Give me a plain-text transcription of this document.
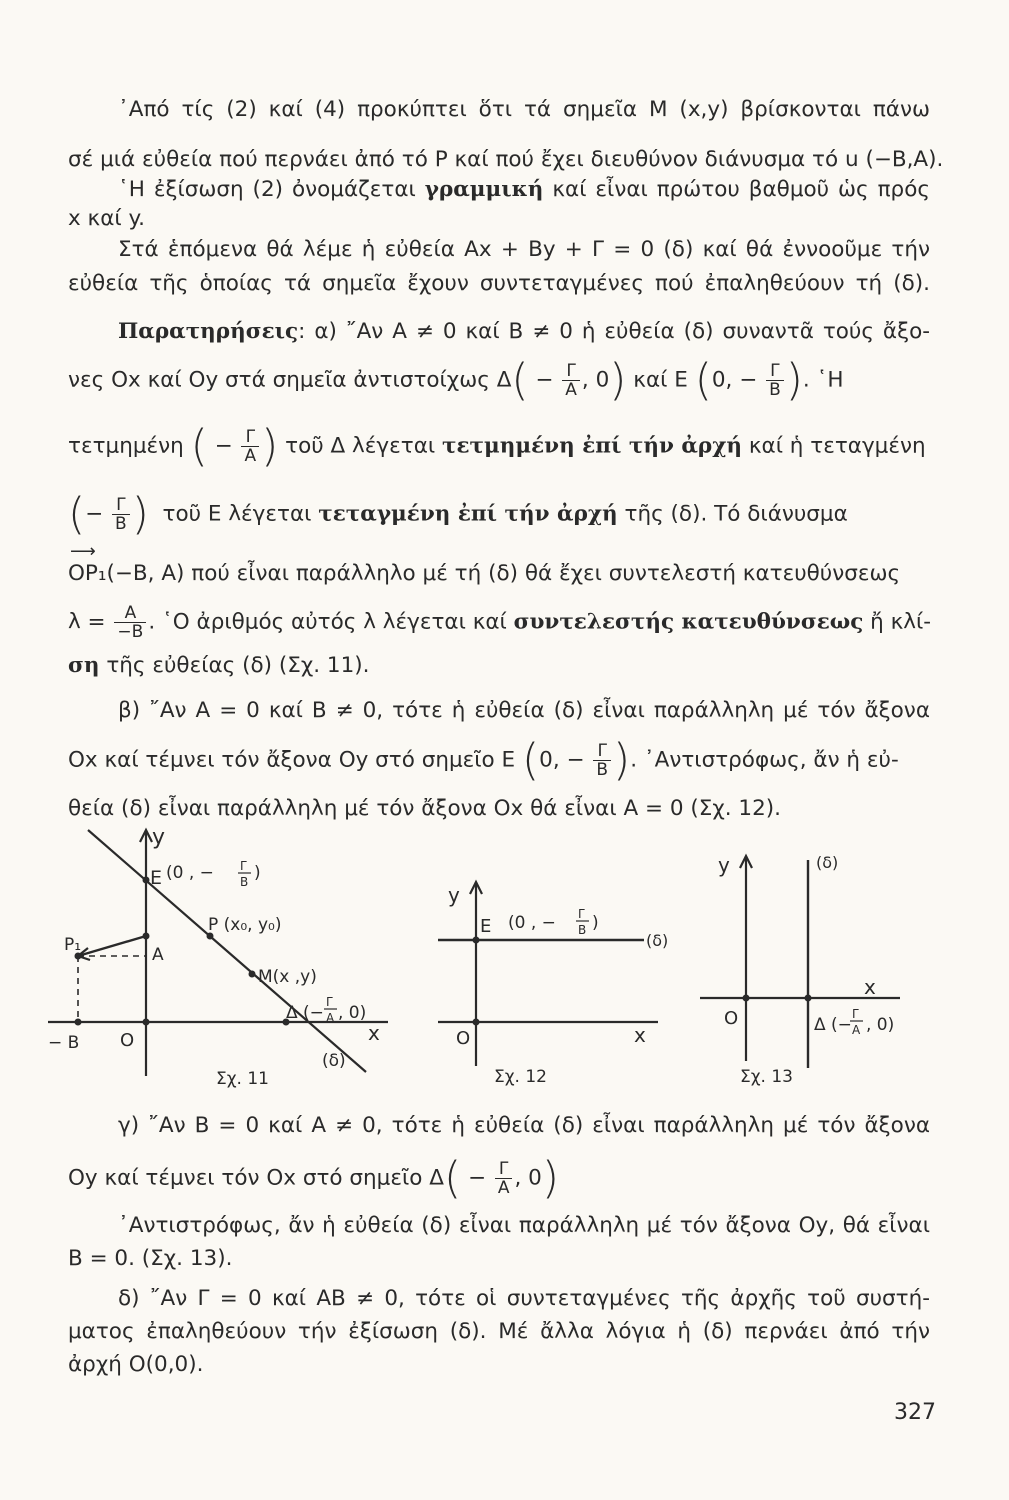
᾽Από τίς (2) καί (4) προκύπτει ὅτι τά σημεῖα Μ (x,y) βρίσκονται πάνω
σέ μιά εὐθεία πού περνάει ἀπό τό Ρ καί πού ἔχει διευθύνον διάνυσμα τό u (−Β,Α).
῾Η ἐξίσωση (2) ὀνομάζεται γραμμική καί εἶναι πρώτου βαθμοῦ ὡς πρός
x καί y.
Στά ἑπόμενα θά λέμε ἡ εὐθεία Αx + By + Γ = 0 (δ) καί θά ἐννοοῦμε τήν
εὐθεία τῆς ὁποίας τά σημεῖα ἔχουν συντεταγμένες πού ἐπαληθεύουν τή (δ).
Παρατηρήσεις: α) ῎Αν Α ≠ 0 καί Β ≠ 0 ἡ εὐθεία (δ) συναντᾶ τούς ἄξο-
νες Οx καί Οy στά σημεῖα ἀντιστοίχως $\Delta( - \frac{\Gamma}{A}$ , 0) καί Ε (0, − $\frac{\Gamma}{B}$ ). ῾Η
τετμημένη ( − $\frac{\Gamma}{A}$ ) τοῦ Δ λέγεται τετμημένη ἐπί τήν ἀρχή καί ἡ τεταγμένη
(− $\frac{\Gamma}{B}$ ) τοῦ Ε λέγεται τεταγμένη ἐπί τήν ἀρχή τῆς (δ). Τό διάνυσμα
⟶
OP₁(−B, A) πού εἶναι παράλληλο μέ τή (δ) θά ἔχει συντελεστή κατευθύνσεως
$\lambda = \frac{A}{-B}$ . ῾Ο ἀριθμός αὐτός λ λέγεται καί συντελεστής κατευθύνσεως ἤ κλί-
ση τῆς εὐθείας (δ) (Σχ. 11).
β) ῎Αν Α = 0 καί Β ≠ 0, τότε ἡ εὐθεία (δ) εἶναι παράλληλη μέ τόν ἄξονα
Οx καί τέμνει τόν ἄξονα Οy στό σημεῖο Ε (0, − $\frac{\Gamma}{B}$ ). ᾽Αντιστρόφως, ἄν ἡ εὐ-
θεία (δ) εἶναι παράλληλη μέ τόν ἄξονα Οx θά εἶναι Α = 0 (Σχ. 12).
y
E (0 , − Γ
B )
P (x₀, y₀)
P₁	A
M(x ,y)
Δ (−
Γ
A , 0)
x
− B O
(δ)
Σχ. 11
y
E (0 , − Γ
B )
(δ)
O	x
Σχ. 12
y	(δ)
x
O	Δ (−
Γ
A , 0)
Σχ. 13
γ) ῎Αν Β = 0 καί Α ≠ 0, τότε ἡ εὐθεία (δ) εἶναι παράλληλη μέ τόν ἄξονα
Οy καί τέμνει τόν Οx στό σημεῖο $\Delta( - \frac{\Gamma}{A}$ , 0)
᾽Αντιστρόφως, ἄν ἡ εὐθεία (δ) εἶναι παράλληλη μέ τόν ἄξονα Οy, θά εἶναι
Β = 0. (Σχ. 13).
δ) ῎Αν Γ = 0 καί ΑΒ ≠ 0, τότε οἱ συντεταγμένες τῆς ἀρχῆς τοῦ συστή-
ματος ἐπαληθεύουν τήν ἐξίσωση (δ). Μέ ἄλλα λόγια ἡ (δ) περνάει ἀπό τήν
ἀρχή Ο(0,0).
327
